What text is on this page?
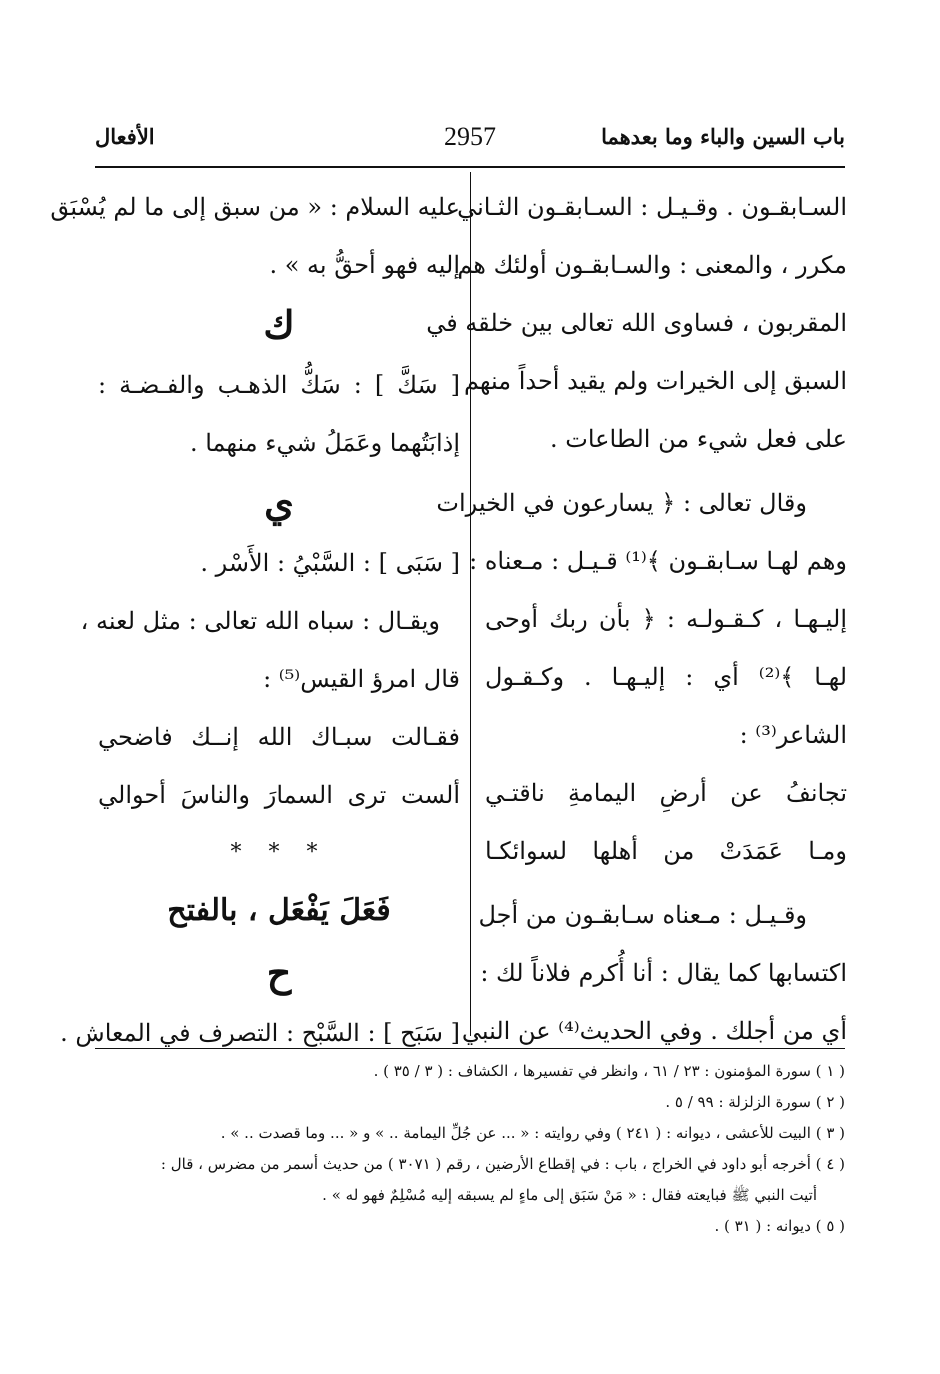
باب السين والباء وما بعدهما
2957
الأفعال
السـابقـون . وقـيـل : السـابقـون الثـاني
مكرر ، والمعنى : والسـابقـون أولئك هم
المقربون ، فساوى الله تعالى بين خلقه في
السبق إلى الخيرات ولم يقيد أحداً منهم
على فعل شيء من الطاعات .
وقال تعالى : ﴿ يسارعون في الخيرات
وهم لهـا سـابقـون ﴾⁽¹⁾ قـيـل : مـعناه :
إليـهـا ، كـقـولـه : ﴿ بأن ربك أوحى
لهـا ﴾⁽²⁾ أي : إليـهـا . وكـقـول
الشاعر⁽³⁾ :
تجانفُ عن أرضِ اليمامةِ ناقتـي
ومـا عَمَدَتْ من أهلها لسوائكـا
وقـيـل : مـعناه سـابقـون من أجل
اكتسابها كما يقال : أنا أُكرم فلاناً لك :
أي من أجلك . وفي الحديث⁽⁴⁾ عن النبي
عليه السلام : « من سبق إلى ما لم يُسْبَق
إليه فهو أحقُّ به » .
ك
[ سَكَّ ] : سَكُّ الذهـب والفـضـة :
إذابَتُهما وعَمَلُ شيء منهما .
ي
[ سَبَى ] : السَّبْيُ : الأَسْر .
ويقـال : سباه الله تعالى : مثل لعنه ،
قال امرؤ القيس⁽⁵⁾ :
فقـالت سبـاك الله إنــك فاضحي
ألست ترى السمارَ والناسَ أحوالي
* * *
فَعَلَ يَفْعَل ، بالفتح
ح
[ سَبَح ] : السَّبْح : التصرف في المعاش .
( ١ ) سورة المؤمنون : ٢٣ / ٦١ ، وانظر في تفسيرها ، الكشاف : ( ٣ / ٣٥ ) .
( ٢ ) سورة الزلزلة : ٩٩ / ٥ .
( ٣ ) البيت للأعشى ، ديوانه : ( ٢٤١ ) وفي روايته : « ... عن جُلِّ اليمامة .. » و « ... وما قصدت .. » .
( ٤ ) أخرجه أبو داود في الخراج ، باب : في إقطاع الأرضين ، رقم ( ٣٠٧١ ) من حديث أسمر من مضرس ، قال :
أتيت النبي ﷺ فبايعته فقال : « مَنْ سَبَق إلى ماءٍ لم يسبقه إليه مُسْلِمٌ فهو له » .
( ٥ ) ديوانه : ( ٣١ ) .
